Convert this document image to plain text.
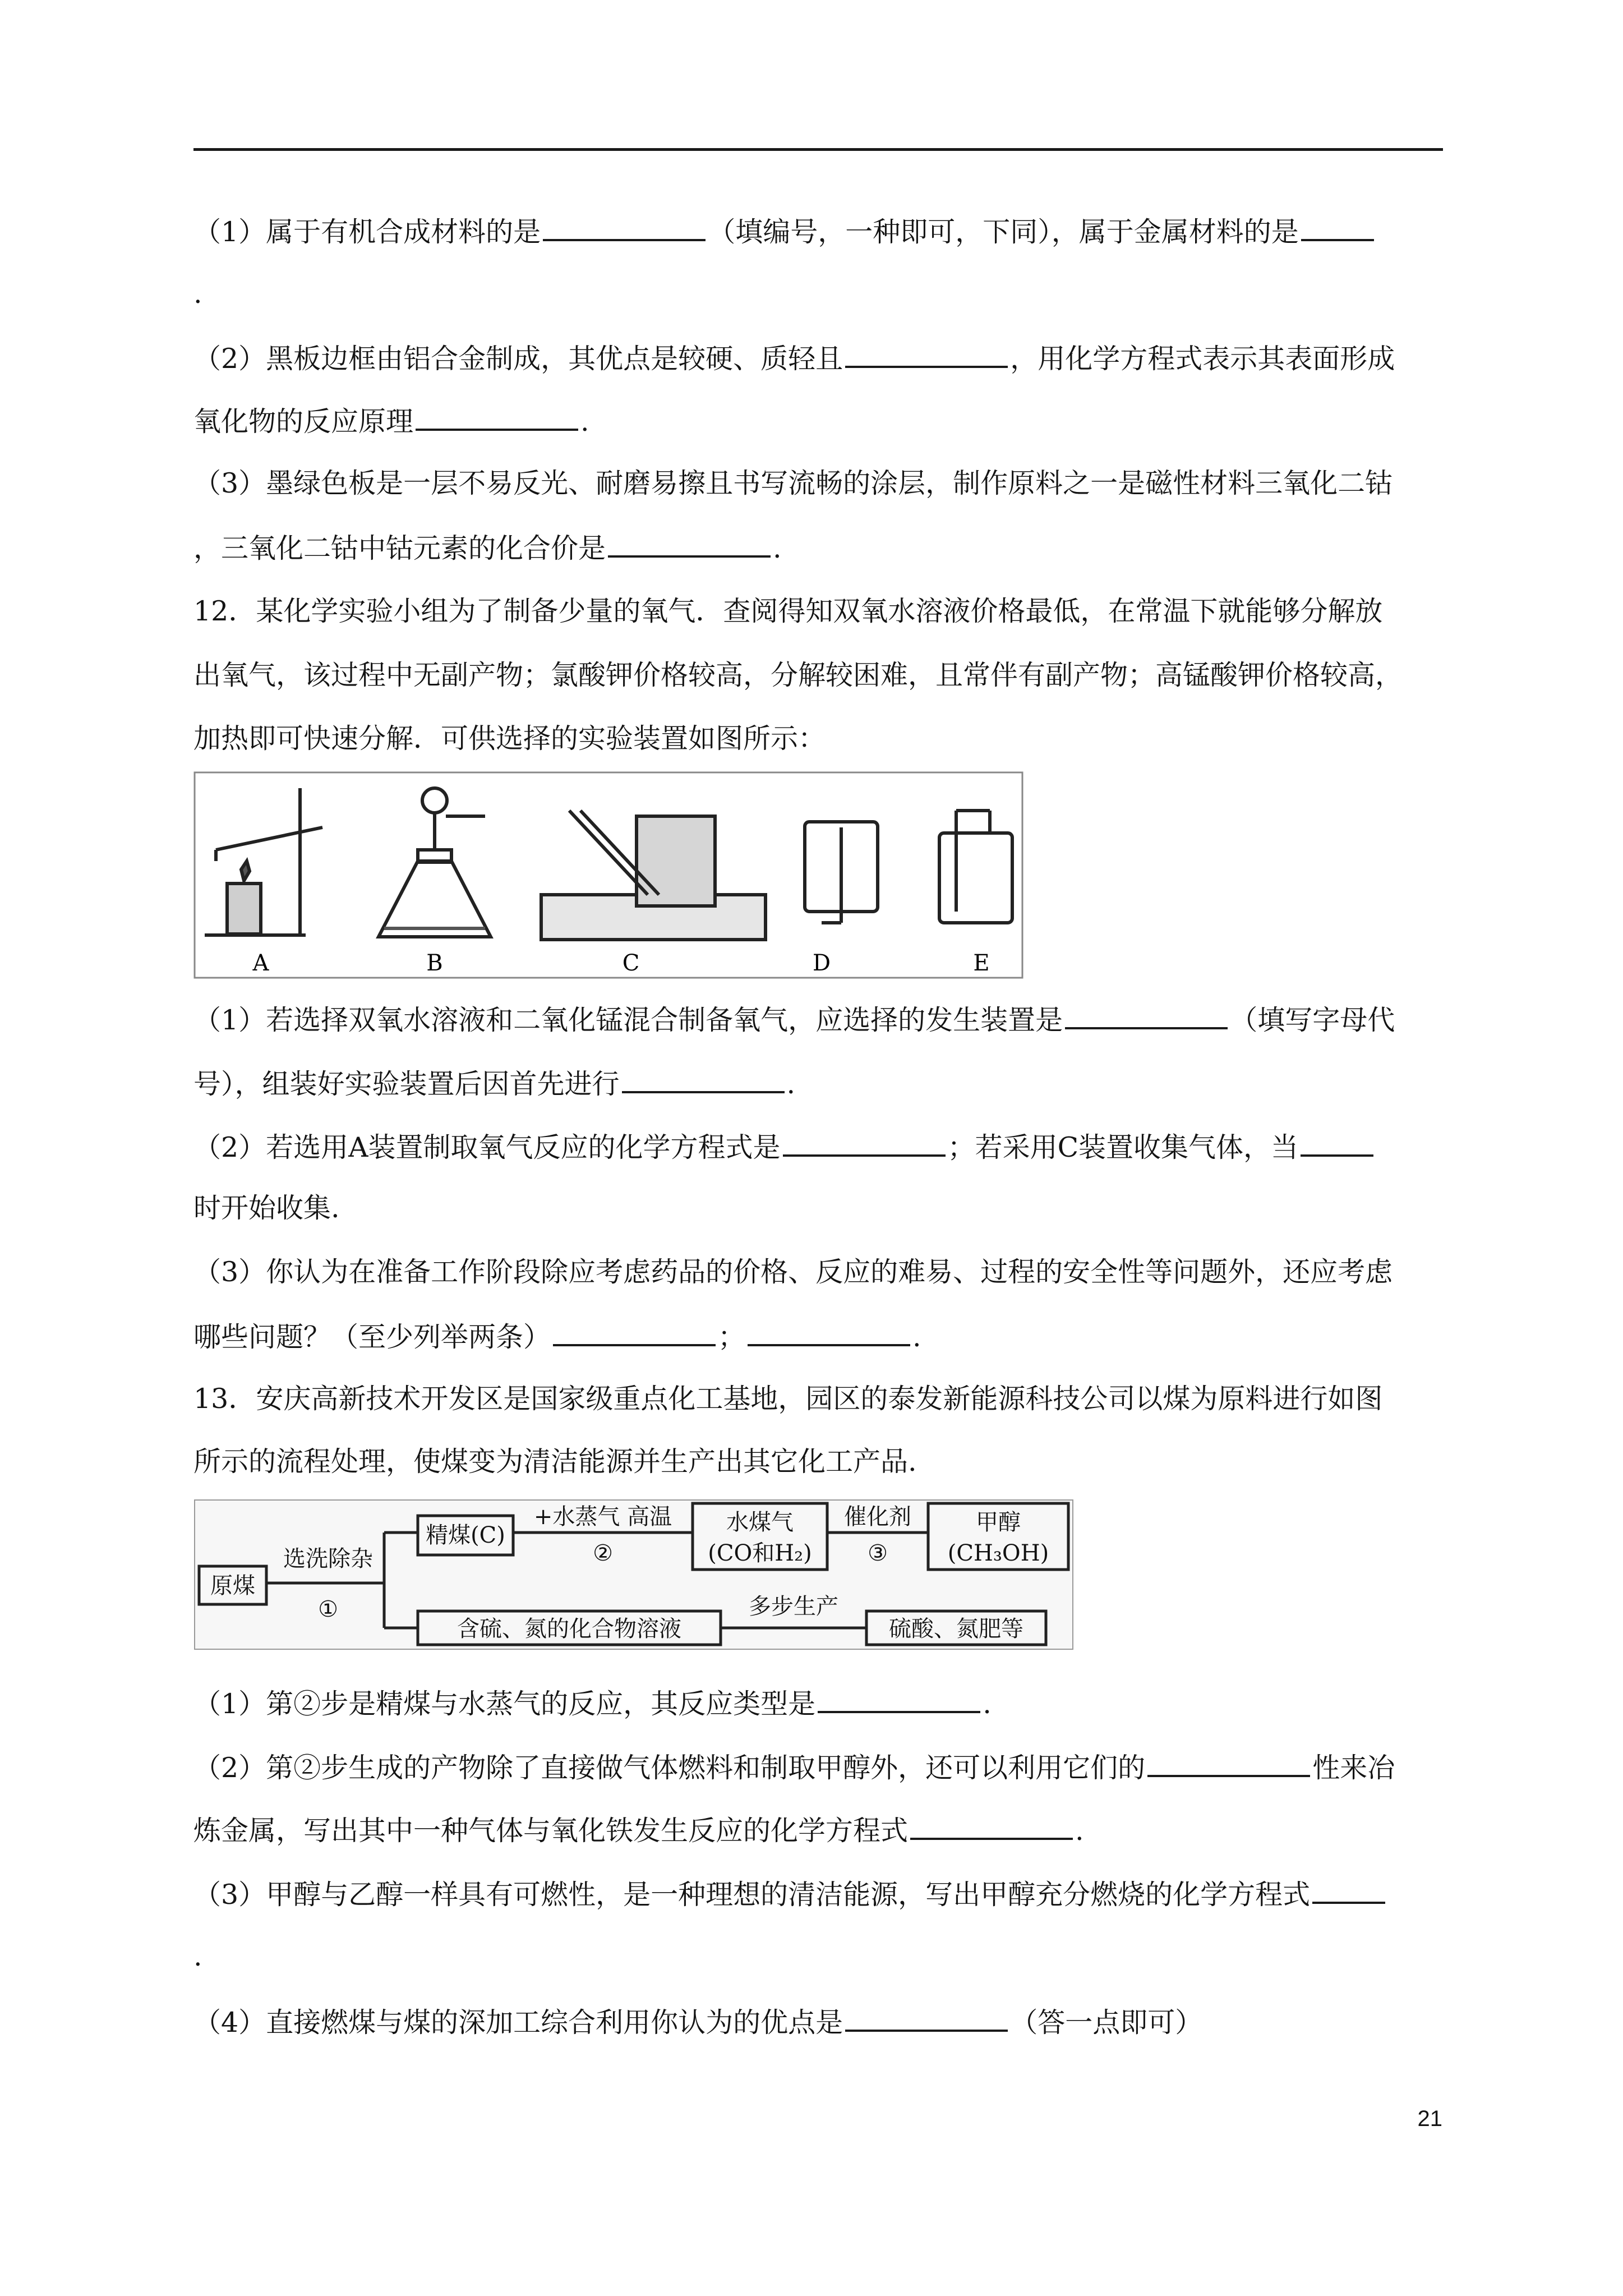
（1）属于有机合成材料的是	（填编号，一种即可，下同），属于金属材料的是
.
（2）黑板边框由铝合金制成，其优点是较硬、质轻且	，用化学方程式表示其表面形成
氧化物的反应原理	.
（3）墨绿色板是一层不易反光、耐磨易擦且书写流畅的涂层，制作原料之一是磁性材料三氧化二钴
，三氧化二钴中钴元素的化合价是	.
12．某化学实验小组为了制备少量的氧气．查阅得知双氧水溶液价格最低，在常温下就能够分解放
出氧气，该过程中无副产物；氯酸钾价格较高，分解较困难，且常伴有副产物；高锰酸钾价格较高，
加热即可快速分解．可供选择的实验装置如图所示：
A	B	C	D	E
（1）若选择双氧水溶液和二氧化锰混合制备氧气，应选择的发生装置是	（填写字母代
号），组装好实验装置后因首先进行	.
（2）若选用A装置制取氧气反应的化学方程式是	；若采用C装置收集气体，当
时开始收集.
（3）你认为在准备工作阶段除应考虑药品的价格、反应的难易、过程的安全性等问题外，还应考虑
哪些问题？（至少列举两条）	；	.
13．安庆高新技术开发区是国家级重点化工基地，园区的泰发新能源科技公司以煤为原料进行如图
所示的流程处理，使煤变为清洁能源并生产出其它化工产品.
原煤
选洗除杂
①
精煤(C)
+水蒸气 高温
②
水煤气
(CO和H₂)
催化剂
③
甲醇
(CH₃OH)
含硫、氮的化合物溶液
多步生产
硫酸、氮肥等
（1）第②步是精煤与水蒸气的反应，其反应类型是	.
（2）第②步生成的产物除了直接做气体燃料和制取甲醇外，还可以利用它们的	性来冶
炼金属，写出其中一种气体与氧化铁发生反应的化学方程式	.
（3）甲醇与乙醇一样具有可燃性，是一种理想的清洁能源，写出甲醇充分燃烧的化学方程式
.
（4）直接燃煤与煤的深加工综合利用你认为的优点是	（答一点即可）
21
